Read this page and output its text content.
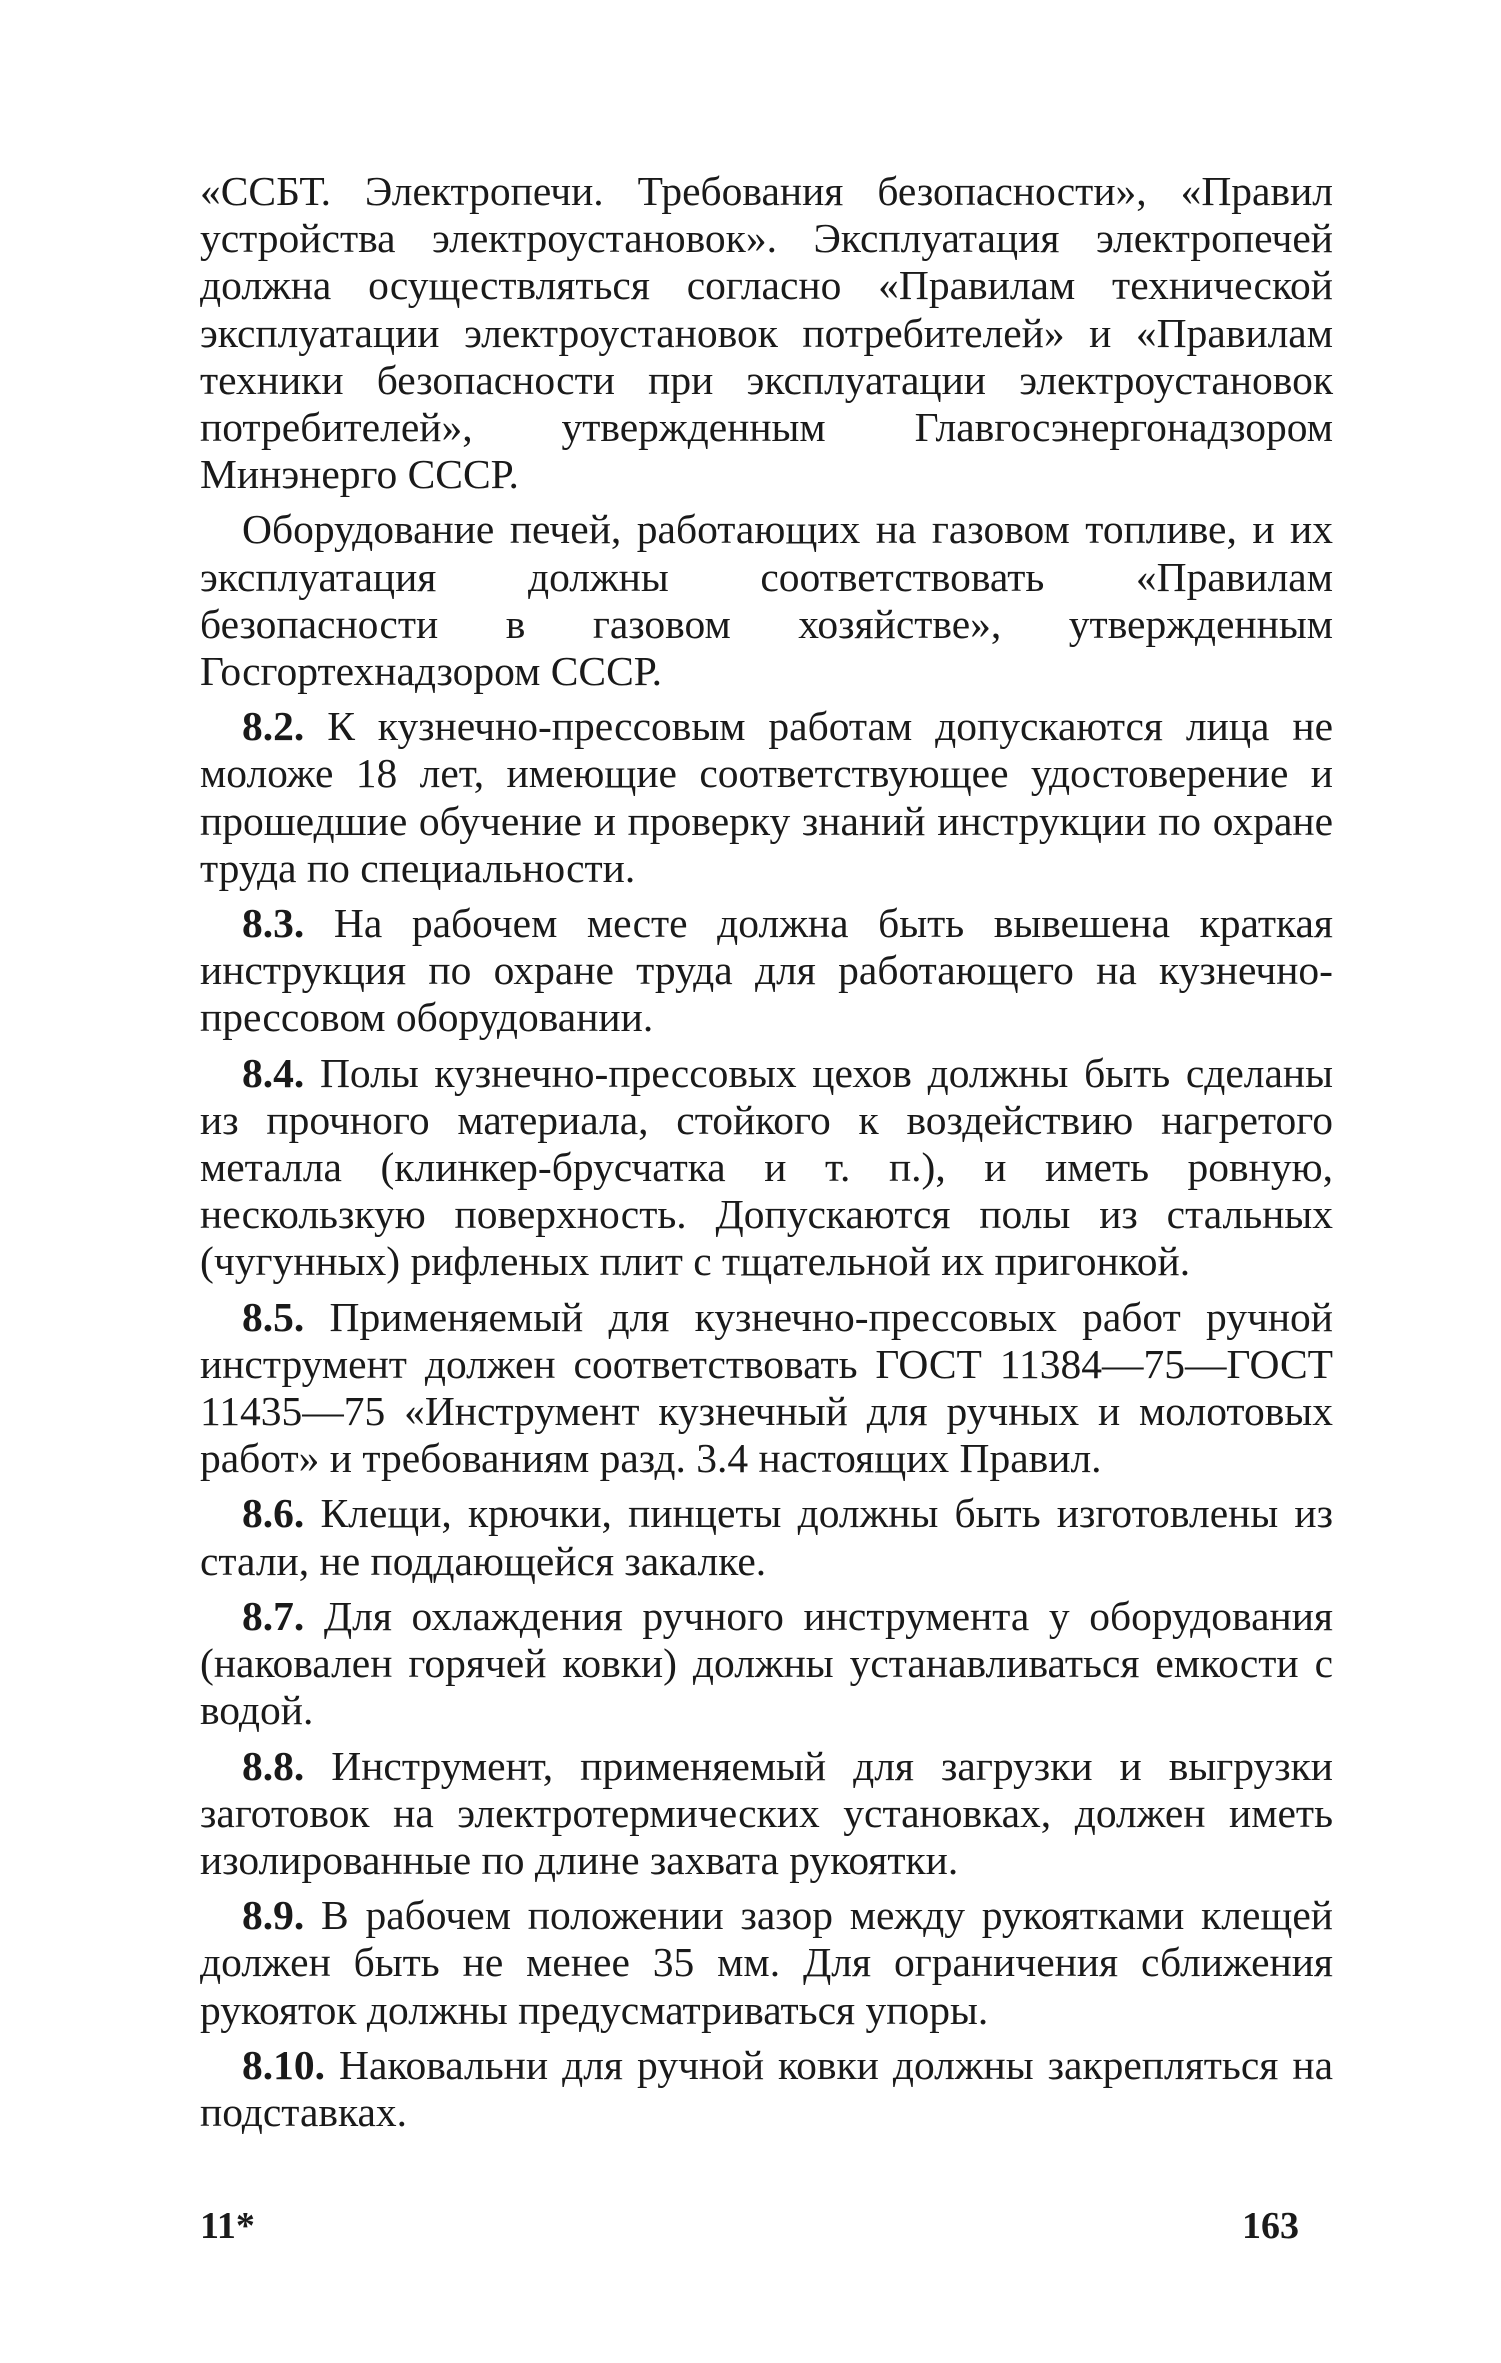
«ССБТ. Электропечи. Требования безопасности», «Правил устройства электроустановок». Эксплуатация электропечей должна осуществляться согласно «Правилам технической эксплуатации электроустановок потребителей» и «Правилам техники безопасности при эксплуатации электроустановок потребителей», утвержденным Главгосэнергонадзором Минэнерго СССР.

Оборудование печей, работающих на газовом топливе, и их эксплуатация должны соответствовать «Правилам безопасности в газовом хозяйстве», утвержденным Госгортехнадзором СССР.

8.2. К кузнечно-прессовым работам допускаются лица не моложе 18 лет, имеющие соответствующее удостоверение и прошедшие обучение и проверку знаний инструкции по охране труда по специальности.

8.3. На рабочем месте должна быть вывешена краткая инструкция по охране труда для работающего на кузнечно-прессовом оборудовании.

8.4. Полы кузнечно-прессовых цехов должны быть сделаны из прочного материала, стойкого к воздействию нагретого металла (клинкер-брусчатка и т. п.), и иметь ровную, нескользкую поверхность. Допускаются полы из стальных (чугунных) рифленых плит с тщательной их пригонкой.

8.5. Применяемый для кузнечно-прессовых работ ручной инструмент должен соответствовать ГОСТ 11384—75—ГОСТ 11435—75 «Инструмент кузнечный для ручных и молотовых работ» и требованиям разд. 3.4 настоящих Правил.

8.6. Клещи, крючки, пинцеты должны быть изготовлены из стали, не поддающейся закалке.

8.7. Для охлаждения ручного инструмента у оборудования (наковален горячей ковки) должны устанавливаться емкости с водой.

8.8. Инструмент, применяемый для загрузки и выгрузки заготовок на электротермических установках, должен иметь изолированные по длине захвата рукоятки.

8.9. В рабочем положении зазор между рукоятками клещей должен быть не менее 35 мм. Для ограничения сближения рукояток должны предусматриваться упоры.

8.10. Наковальни для ручной ковки должны закрепляться на подставках.

11*	163
